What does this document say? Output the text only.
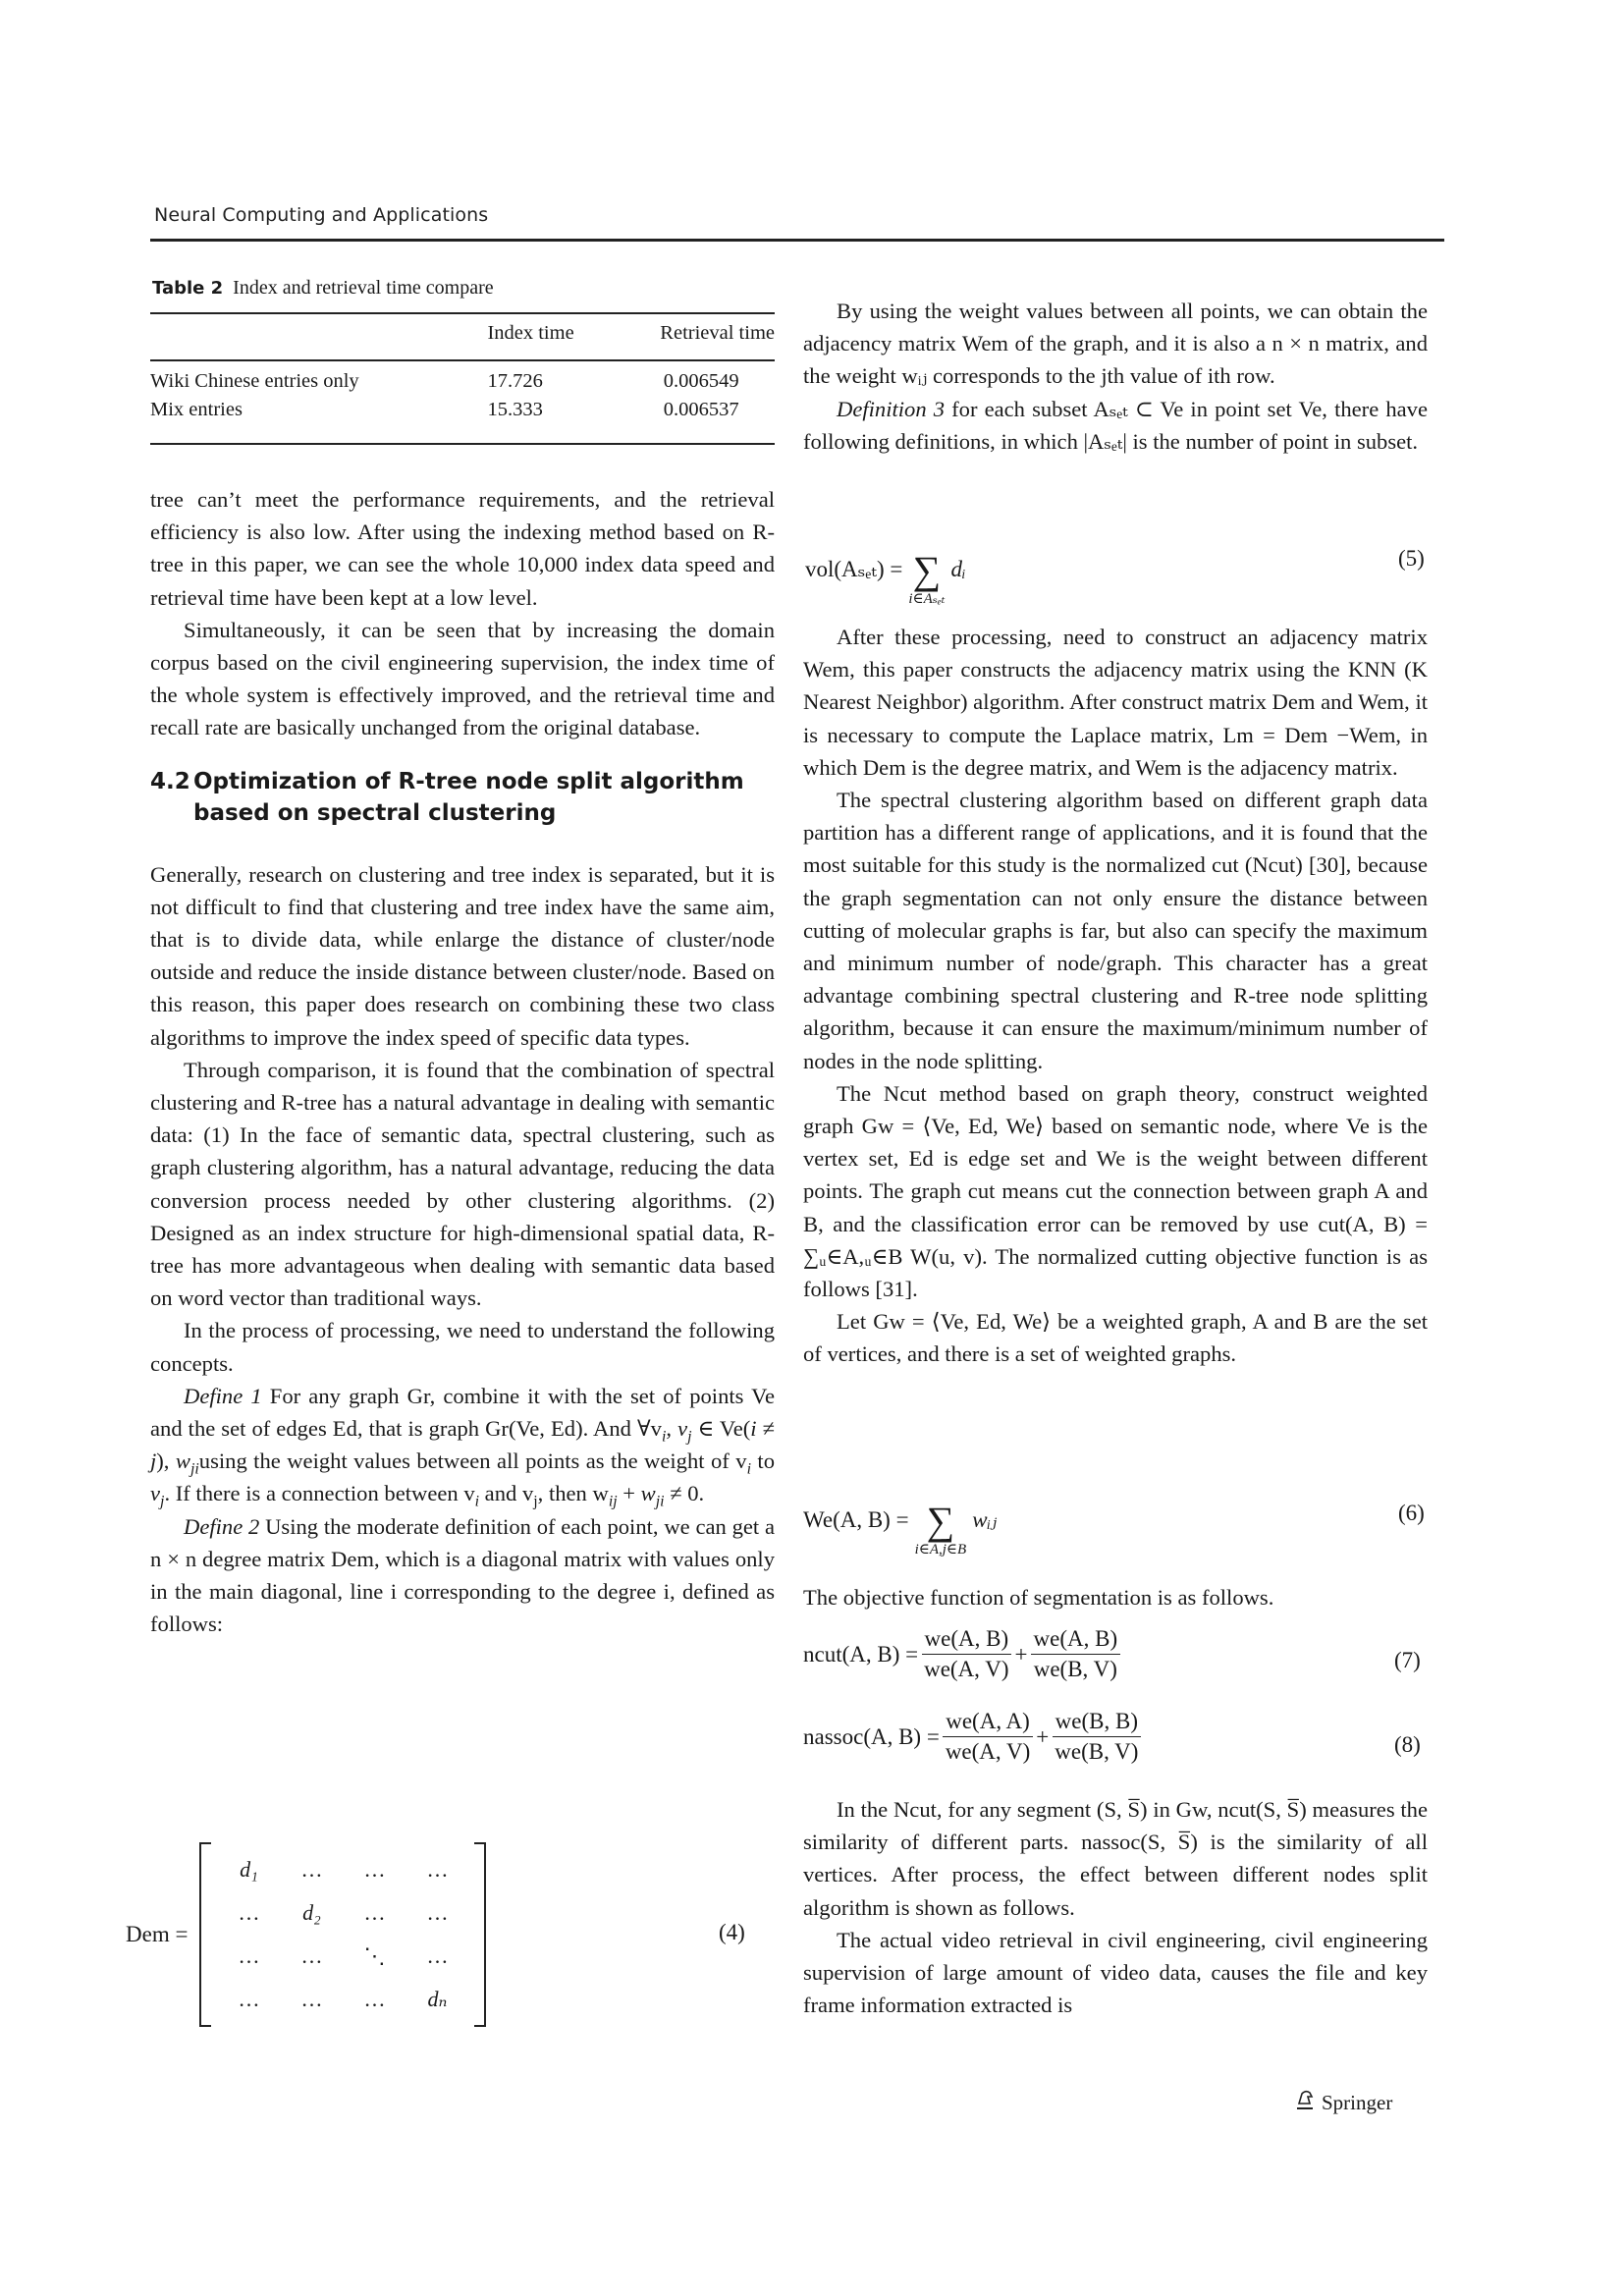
Neural Computing and Applications
Table 2 Index and retrieval time compare
	Index time	Retrieval time
Wiki Chinese entries only	17.726	0.006549
Mix entries	15.333	0.006537

tree can’t meet the performance requirements, and the retrieval efficiency is also low. After using the indexing method based on R-tree in this paper, we can see the whole 10,000 index data speed and retrieval time have been kept at a low level.

Simultaneously, it can be seen that by increasing the domain corpus based on the civil engineering supervision, the index time of the whole system is effectively improved, and the retrieval time and recall rate are basically unchanged from the original database.

4.2 Optimization of R-tree node split algorithm
based on spectral clustering

Generally, research on clustering and tree index is separated, but it is not difficult to find that clustering and tree index have the same aim, that is to divide data, while enlarge the distance of cluster/node outside and reduce the inside distance between cluster/node. Based on this reason, this paper does research on combining these two class algorithms to improve the index speed of specific data types.

Through comparison, it is found that the combination of spectral clustering and R-tree has a natural advantage in dealing with semantic data: (1) In the face of semantic data, spectral clustering, such as graph clustering algorithm, has a natural advantage, reducing the data conversion process needed by other clustering algorithms. (2) Designed as an index structure for high-dimensional spatial data, R-tree has more advantageous when dealing with semantic data based on word vector than traditional ways.

In the process of processing, we need to understand the following concepts.

Define 1 For any graph Gr, combine it with the set of points Ve and the set of edges Ed, that is graph Gr(Ve, Ed). And $\forall v_i$, $v_j$ ∈ Ve(i ≠ j), $w_{ji}using$ the weight values between all points as the weight of $v_i$ to $v_j$. If there is a connection between $v_i$ and $v_j$, then $w_{ij} + w_{ji} \ne 0$.

Define 2 Using the moderate definition of each point, we can get a n × n degree matrix Dem, which is a diagonal matrix with values only in the main diagonal, line i corresponding to the degree i, defined as follows:

Dem =
d₁	…	…	…
…	d₂	…	…
…	…	⋱	…
…	…	…	dₙ
(4)

By using the weight values between all points, we can obtain the adjacency matrix Wem of the graph, and it is also a n × n matrix, and the weight wᵢⱼ corresponds to the jth value of ith row.

Definition 3 for each subset Aₛₑₜ ⊂ Ve in point set Ve, there have following definitions, in which |Aₛₑₜ| is the number of point in subset.

vol(Aₛₑₜ) = ∑
i∈Aₛₑₜ
dᵢ	(5)

After these processing, need to construct an adjacency matrix Wem, this paper constructs the adjacency matrix using the KNN (K Nearest Neighbor) algorithm. After construct matrix Dem and Wem, it is necessary to compute the Laplace matrix, Lm = Dem −Wem, in which Dem is the degree matrix, and Wem is the adjacency matrix.

The spectral clustering algorithm based on different graph data partition has a different range of applications, and it is found that the most suitable for this study is the normalized cut (Ncut) [30], because the graph segmentation can not only ensure the distance between cutting of molecular graphs is far, but also can specify the maximum and minimum number of node/graph. This character has a great advantage combining spectral clustering and R-tree node splitting algorithm, because it can ensure the maximum/minimum number of nodes in the node splitting.

The Ncut method based on graph theory, construct weighted graph Gw = ⟨Ve, Ed, We⟩ based on semantic node, where Ve is the vertex set, Ed is edge set and We is the weight between different points. The graph cut means cut the connection between graph A and B, and the classification error can be removed by use cut(A, B) = ∑ᵤ∈A,ᵤ∈B W(u, v). The normalized cutting objective function is as follows [31].

Let Gw = ⟨Ve, Ed, We⟩ be a weighted graph, A and B are the set of vertices, and there is a set of weighted graphs.

We(A, B) = ∑
i∈A,j∈B
wᵢⱼ	(6)

The objective function of segmentation is as follows.

ncut(A, $B) = \frac{we(A, B)}{we(A, V)} + \frac{we(A, B)}{we(B, V)}$	(7)
nassoc(A, $B) = \frac{we(A, A)}{we(A, V)} + \frac{we(B, B)}{we(B, V)}$	(8)

In the Ncut, for any segment (S, S̅) in Gw, ncut(S, S̅) measures the similarity of different parts. nassoc(S, S̅) is the similarity of all vertices. After process, the effect between different nodes split algorithm is shown as follows.

The actual video retrieval in civil engineering, civil engineering supervision of large amount of video data, causes the file and key frame information extracted is

Springer
